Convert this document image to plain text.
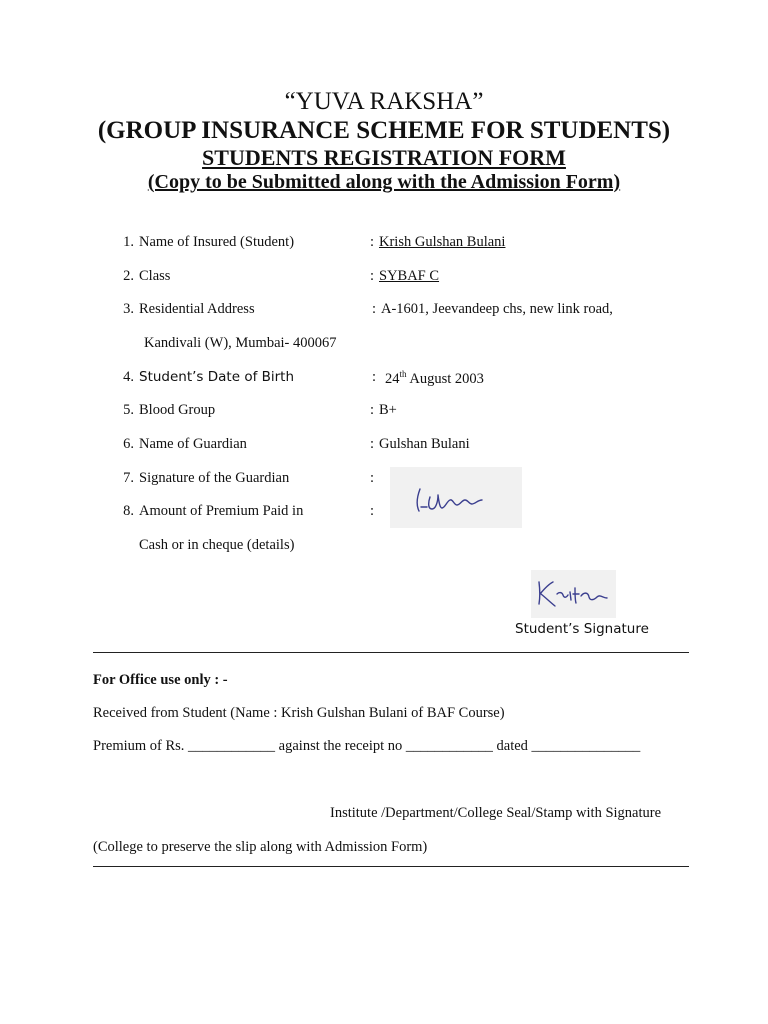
“YUVA RAKSHA”
(GROUP INSURANCE SCHEME FOR STUDENTS)
STUDENTS REGISTRATION FORM
(Copy to be Submitted along with the Admission Form)
1. Name of Insured (Student)	: Krish Gulshan Bulani
2. Class	: SYBAF C
3. Residential Address	: A-1601, Jeevandeep chs, new link road,
Kandivali (W), Mumbai- 400067
4. Student’s Date of Birth	: 24th August 2003
5. Blood Group	: B+
6. Name of Guardian	: Gulshan Bulani
7. Signature of the Guardian	:
8. Amount of Premium Paid in	:
Cash or in cheque (details)
Student’s Signature
For Office use only : -
Received from Student (Name : Krish Gulshan Bulani of BAF Course)
Premium of Rs. ____________ against the receipt no ____________ dated _______________
Institute /Department/College Seal/Stamp with Signature
(College to preserve the slip along with Admission Form)
